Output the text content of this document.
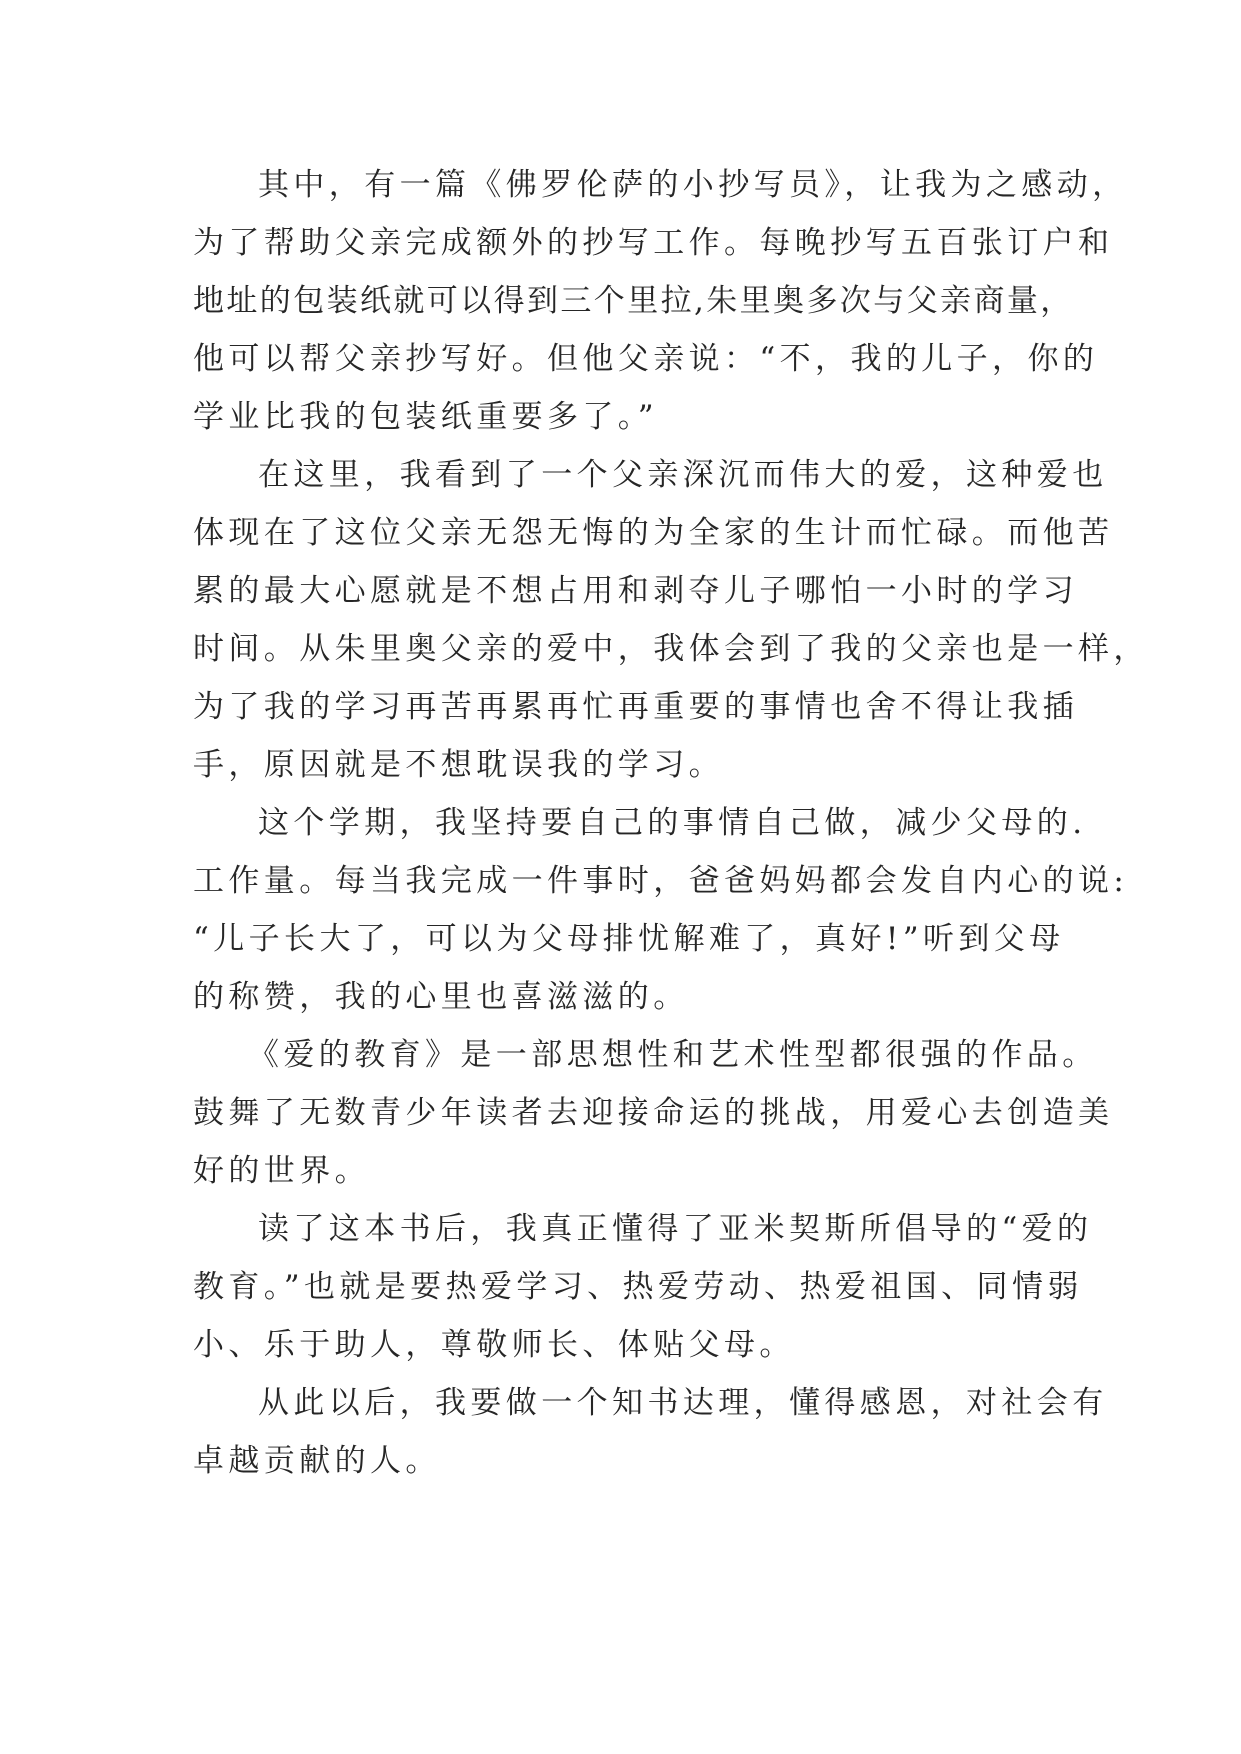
其中，有一篇《佛罗伦萨的小抄写员》，让我为之感动，

为了帮助父亲完成额外的抄写工作。每晚抄写五百张订户和

地址的包装纸就可以得到三个里拉,朱里奥多次与父亲商量，

他可以帮父亲抄写好。但他父亲说：“不，我的儿子，你的

学业比我的包装纸重要多了。”

在这里，我看到了一个父亲深沉而伟大的爱，这种爱也

体现在了这位父亲无怨无悔的为全家的生计而忙碌。而他苦

累的最大心愿就是不想占用和剥夺儿子哪怕一小时的学习

时间。从朱里奥父亲的爱中，我体会到了我的父亲也是一样，

为了我的学习再苦再累再忙再重要的事情也舍不得让我插

手，原因就是不想耽误我的学习。

这个学期，我坚持要自己的事情自己做，减少父母的.

工作量。每当我完成一件事时，爸爸妈妈都会发自内心的说:

“儿子长大了，可以为父母排忧解难了，真好!”听到父母

的称赞，我的心里也喜滋滋的。

《爱的教育》是一部思想性和艺术性型都很强的作品。

鼓舞了无数青少年读者去迎接命运的挑战，用爱心去创造美

好的世界。

读了这本书后，我真正懂得了亚米契斯所倡导的“爱的

教育。”也就是要热爱学习、热爱劳动、热爱祖国、同情弱

小、乐于助人，尊敬师长、体贴父母。

从此以后，我要做一个知书达理，懂得感恩，对社会有

卓越贡献的人。
